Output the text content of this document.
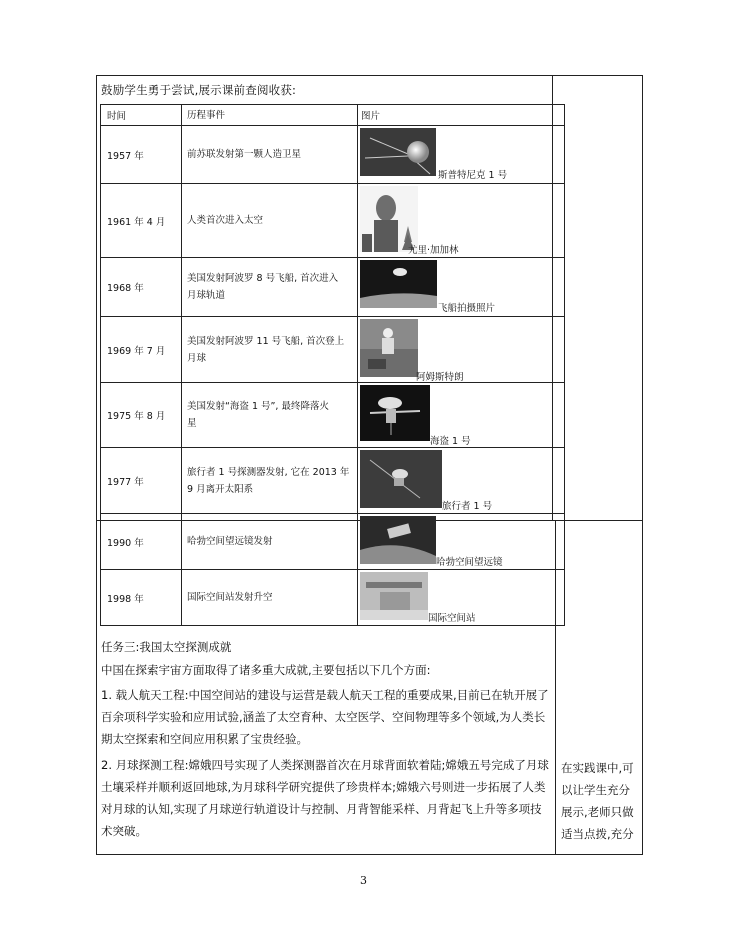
鼓励学生勇于尝试,展示课前查阅收获:
时间	历程事件	图片
1957 年	前苏联发射第一颗人造卫星	斯普特尼克 1 号

1961 年 4 月	人类首次进入太空	尤里·加加林

1968 年	美国发射阿波罗 8 号飞船, 首次进入
月球轨道	飞船拍摄照片

1969 年 7 月	美国发射阿波罗 11 号飞船, 首次登上
月球	阿姆斯特朗

1975 年 8 月	美国发射“海盗 1 号”, 最终降落火
星	海盗 1 号

1977 年	旅行者 1 号探测器发射, 它在 2013 年
9 月离开太阳系	旅行者 1 号

1990 年	哈勃空间望远镜发射	哈勃空间望远镜

1998 年	国际空间站发射升空	国际空间站
任务三:我国太空探测成就
中国在探索宇宙方面取得了诸多重大成就,主要包括以下几个方面:
1. 载人航天工程:中国空间站的建设与运营是载人航天工程的重要成果,目前已在轨开展了
百余项科学实验和应用试验,涵盖了太空育种、太空医学、空间物理等多个领域,为人类长
期太空探索和空间应用积累了宝贵经验。
2. 月球探测工程:嫦娥四号实现了人类探测器首次在月球背面软着陆;嫦娥五号完成了月球
土壤采样并顺利返回地球,为月球科学研究提供了珍贵样本;嫦娥六号则进一步拓展了人类
对月球的认知,实现了月球逆行轨道设计与控制、月背智能采样、月背起飞上升等多项技
术突破。
在实践课中,可
以让学生充分
展示,老师只做
适当点拨,充分
3
